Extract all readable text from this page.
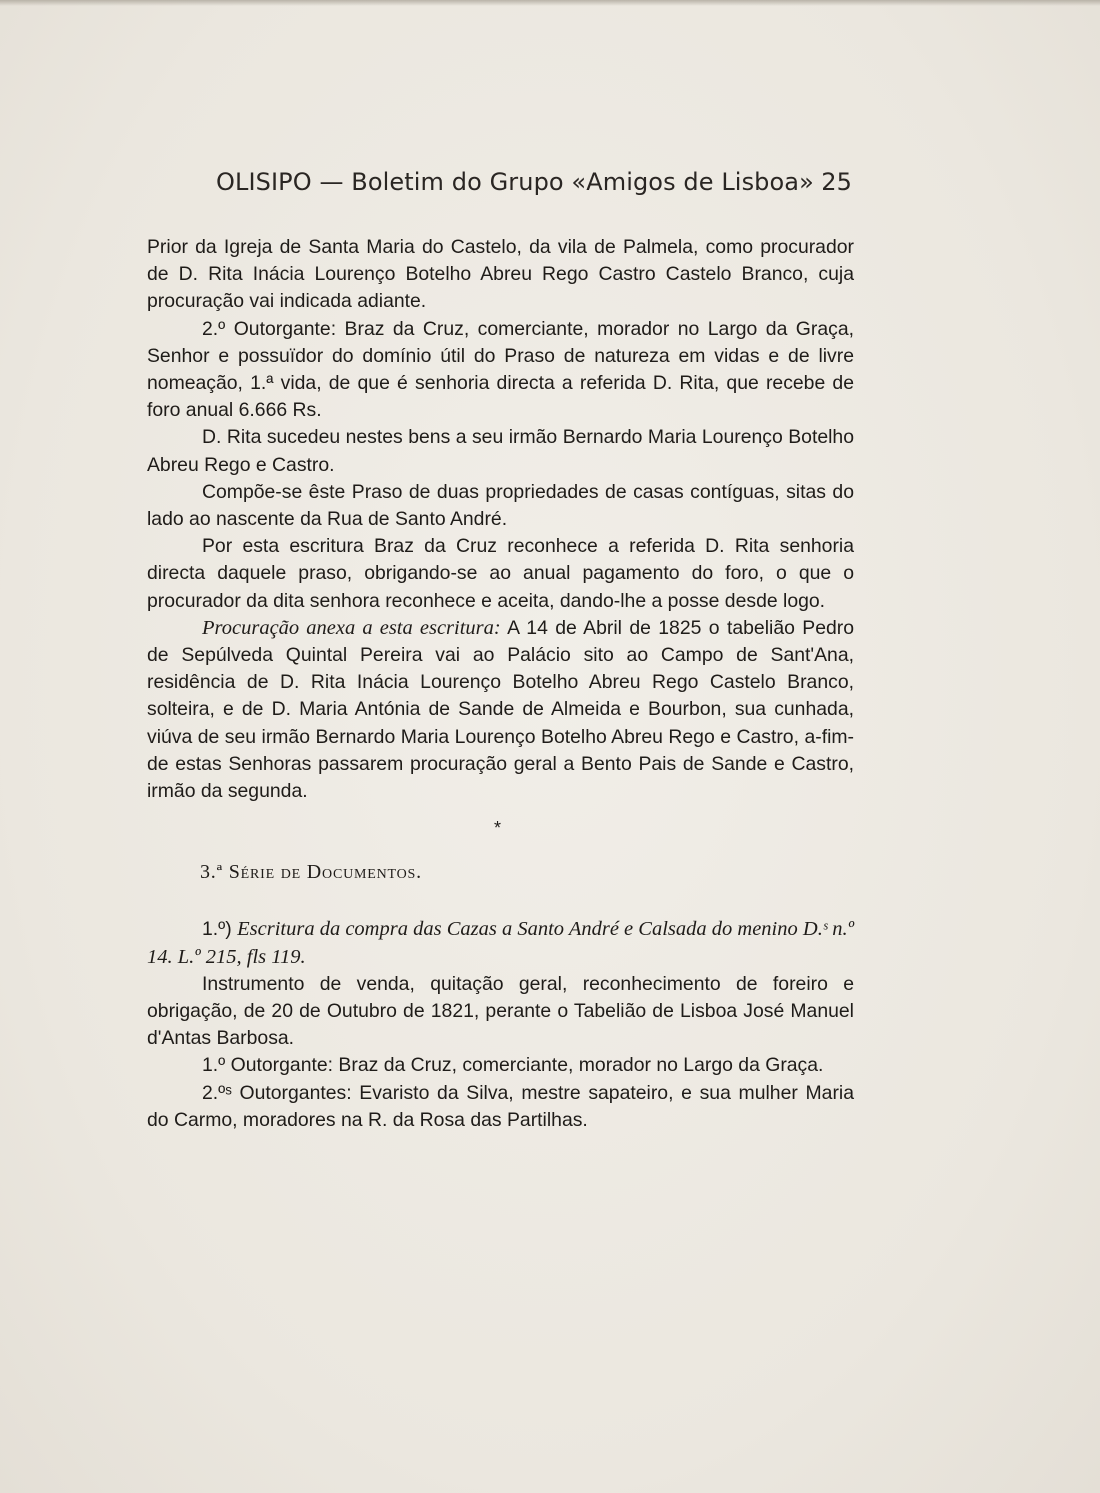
OLISIPO — Boletim do Grupo «Amigos de Lisboa» 25

Prior da Igreja de Santa Maria do Castelo, da vila de Palmela, como procurador de D. Rita Inácia Lourenço Botelho Abreu Rego Castro Castelo Branco, cuja procuração vai indicada adiante.

2.º Outorgante: Braz da Cruz, comerciante, morador no Largo da Graça, Senhor e possuïdor do domínio útil do Praso de natureza em vidas e de livre nomeação, 1.ª vida, de que é senhoria directa a referida D. Rita, que recebe de foro anual 6.666 Rs.

D. Rita sucedeu nestes bens a seu irmão Bernardo Maria Lourenço Botelho Abreu Rego e Castro.

Compõe-se êste Praso de duas propriedades de casas contíguas, sitas do lado ao nascente da Rua de Santo André.

Por esta escritura Braz da Cruz reconhece a referida D. Rita senhoria directa daquele praso, obrigando-se ao anual pagamento do foro, o que o procurador da dita senhora reconhece e aceita, dando-lhe a posse desde logo.

Procuração anexa a esta escritura: A 14 de Abril de 1825 o tabelião Pedro de Sepúlveda Quintal Pereira vai ao Palácio sito ao Campo de Sant'Ana, residência de D. Rita Inácia Lourenço Botelho Abreu Rego Castelo Branco, solteira, e de D. Maria Antónia de Sande de Almeida e Bourbon, sua cunhada, viúva de seu irmão Bernardo Maria Lourenço Botelho Abreu Rego e Castro, a-fim-de estas Senhoras passarem procuração geral a Bento Pais de Sande e Castro, irmão da segunda.

*

3.ª Série de Documentos.

1.º) Escritura da compra das Cazas a Santo André e Calsada do menino D.ˢ n.º 14. L.º 215, fls 119.

Instrumento de venda, quitação geral, reconhecimento de foreiro e obrigação, de 20 de Outubro de 1821, perante o Tabelião de Lisboa José Manuel d'Antas Barbosa.

1.º Outorgante: Braz da Cruz, comerciante, morador no Largo da Graça.

2.ºˢ Outorgantes: Evaristo da Silva, mestre sapateiro, e sua mulher Maria do Carmo, moradores na R. da Rosa das Partilhas.
